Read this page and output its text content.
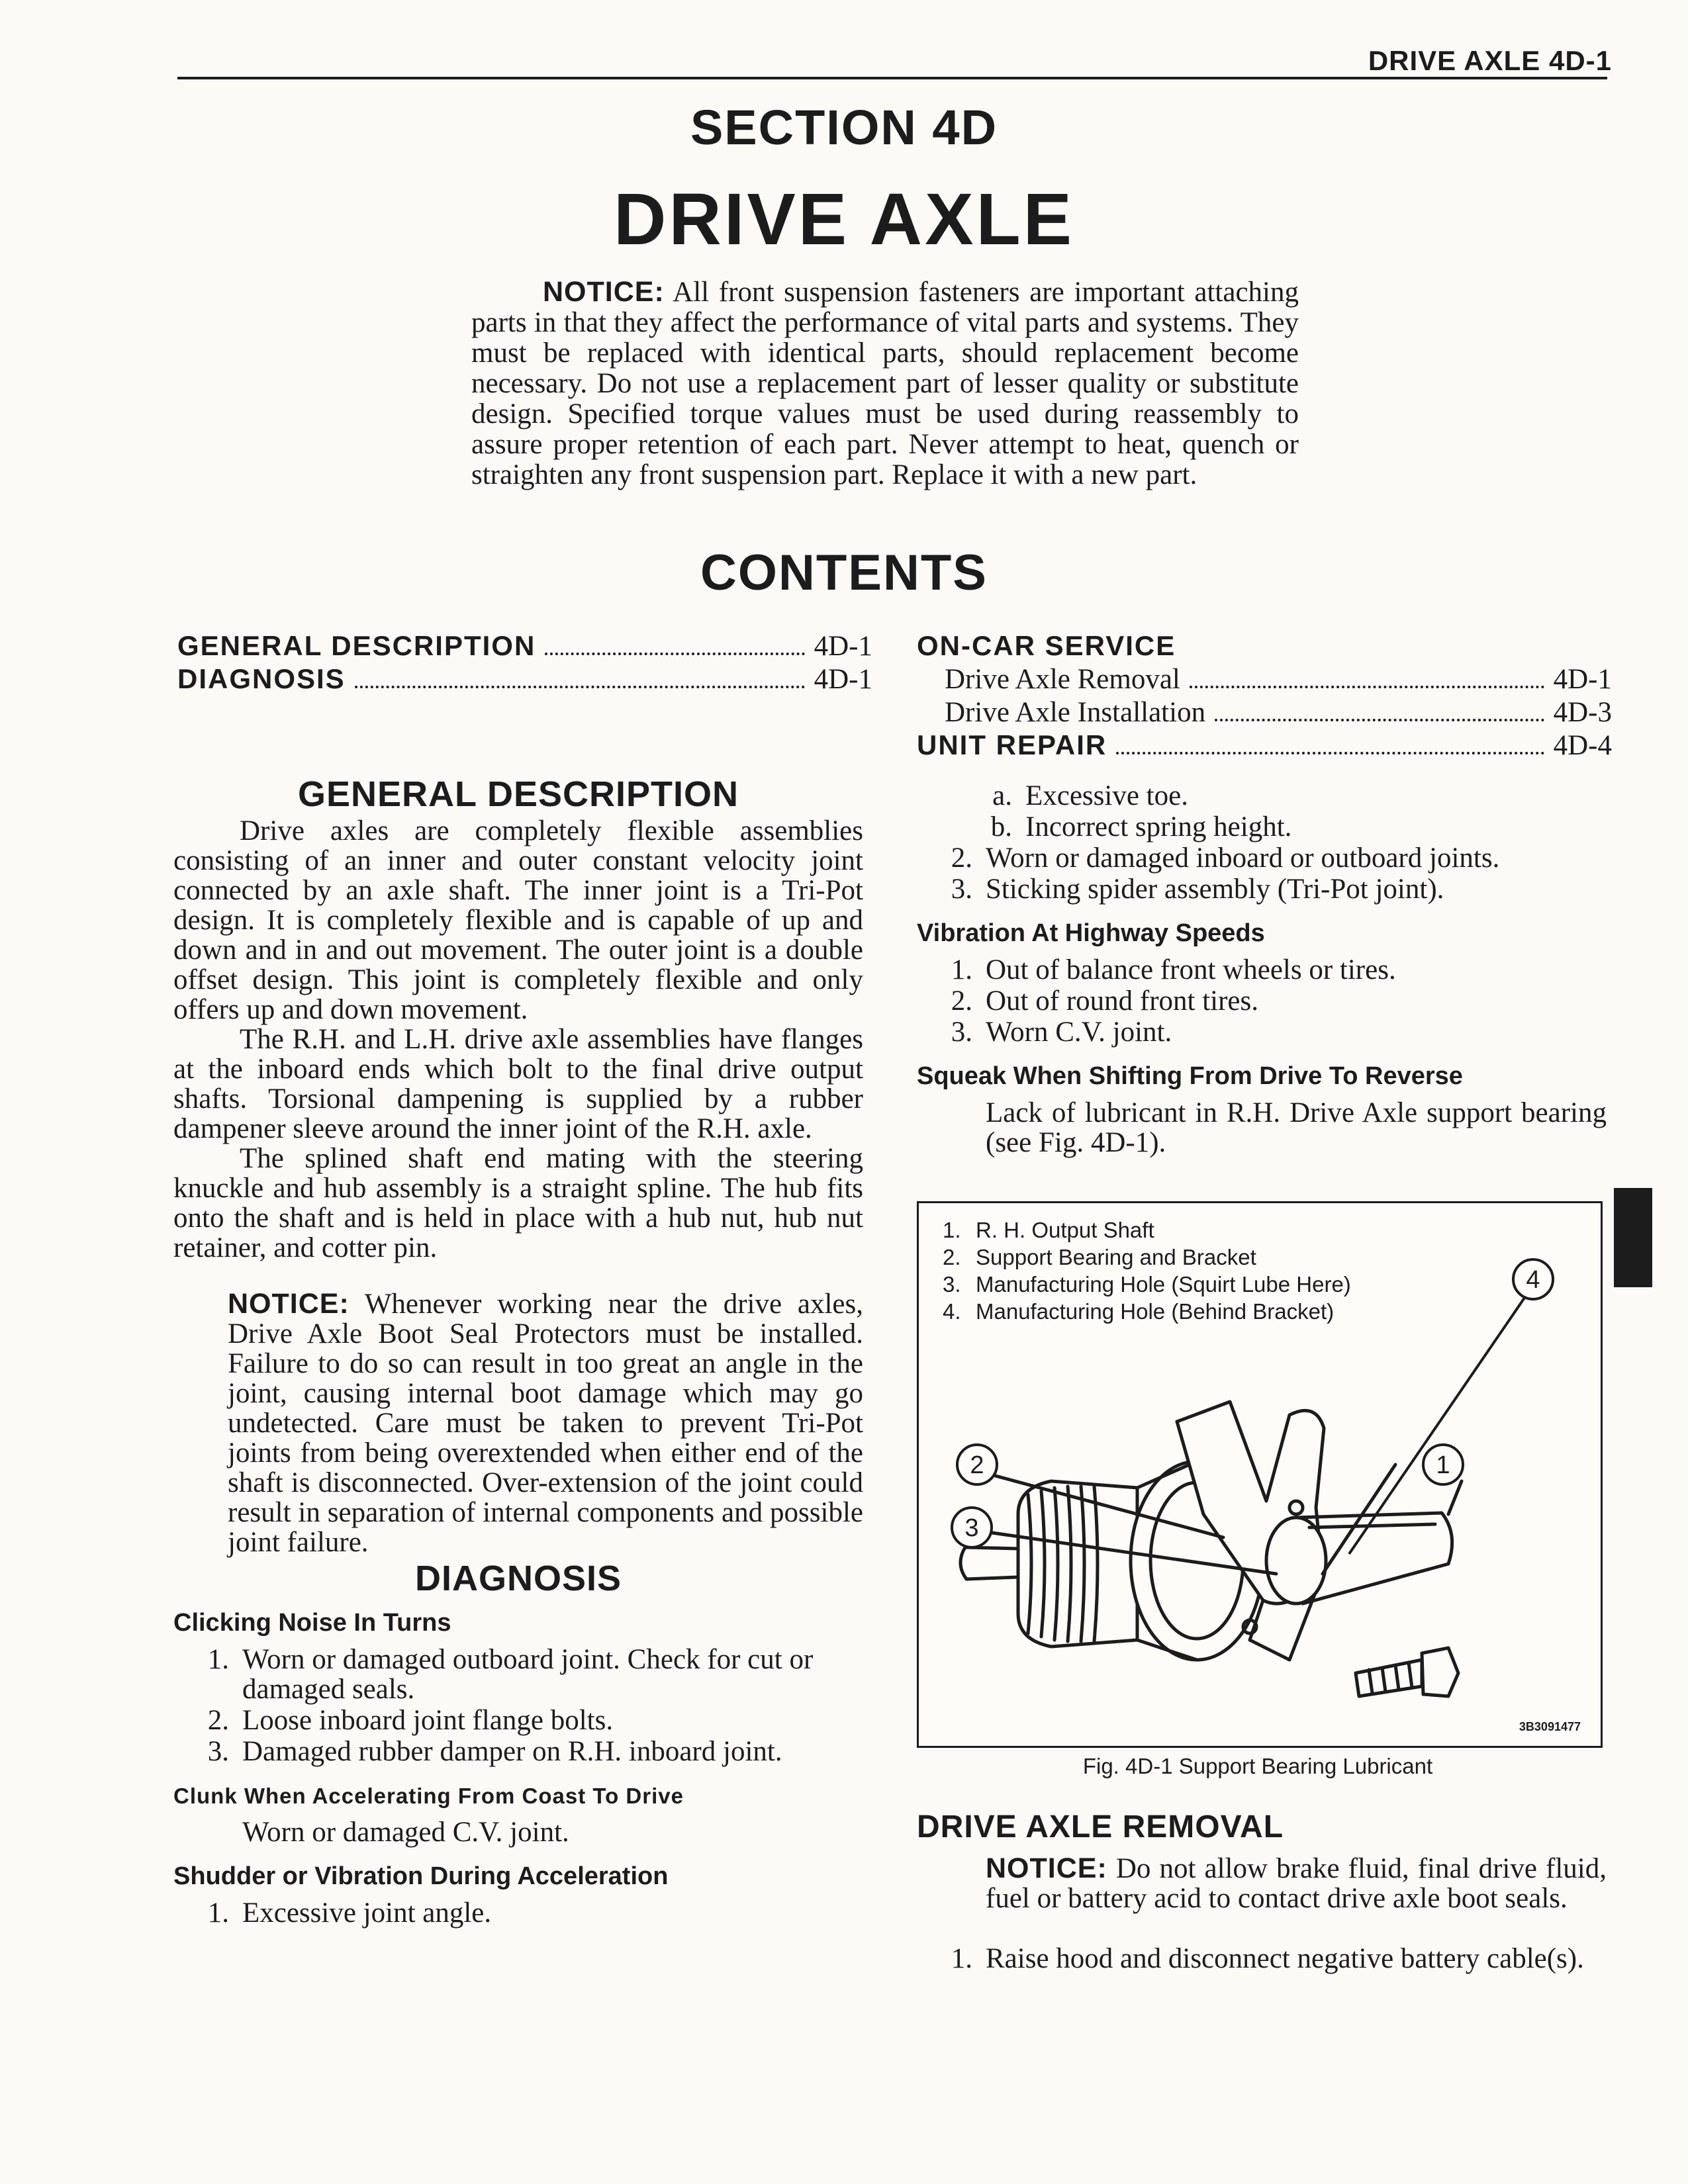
DRIVE AXLE 4D-1
SECTION 4D
DRIVE AXLE
NOTICE: All front suspension fasteners are important attaching parts in that they affect the performance of vital parts and systems. They must be replaced with identical parts, should replacement become necessary. Do not use a replacement part of lesser quality or substitute design. Specified torque values must be used during reassembly to assure proper retention of each part. Never attempt to heat, quench or straighten any front suspension part. Replace it with a new part.
CONTENTS
GENERAL DESCRIPTION	4D-1
DIAGNOSIS	4D-1
ON-CAR SERVICE
Drive Axle Removal	4D-1
Drive Axle Installation	4D-3
UNIT REPAIR	4D-4
GENERAL DESCRIPTION

Drive axles are completely flexible assemblies consisting of an inner and outer constant velocity joint connected by an axle shaft. The inner joint is a Tri-Pot design. It is completely flexible and is capable of up and down and in and out movement. The outer joint is a double offset design. This joint is completely flexible and only offers up and down movement.

The R.H. and L.H. drive axle assemblies have flanges at the inboard ends which bolt to the final drive output shafts. Torsional dampening is supplied by a rubber dampener sleeve around the inner joint of the R.H. axle.

The splined shaft end mating with the steering knuckle and hub assembly is a straight spline. The hub fits onto the shaft and is held in place with a hub nut, hub nut retainer, and cotter pin.

NOTICE: Whenever working near the drive axles, Drive Axle Boot Seal Protectors must be installed. Failure to do so can result in too great an angle in the joint, causing internal boot damage which may go undetected. Care must be taken to prevent Tri-Pot joints from being overextended when either end of the shaft is disconnected. Over-extension of the joint could result in separation of internal components and possible joint failure.
DIAGNOSIS
Clicking Noise In Turns
1. Worn or damaged outboard joint. Check for cut or damaged seals.
2. Loose inboard joint flange bolts.
3. Damaged rubber damper on R.H. inboard joint.
Clunk When Accelerating From Coast To Drive
Worn or damaged C.V. joint.
Shudder or Vibration During Acceleration
1. Excessive joint angle.
a. Excessive toe.
b. Incorrect spring height.
2. Worn or damaged inboard or outboard joints.
3. Sticking spider assembly (Tri-Pot joint).
Vibration At Highway Speeds
1. Out of balance front wheels or tires.
2. Out of round front tires.
3. Worn C.V. joint.
Squeak When Shifting From Drive To Reverse
Lack of lubricant in R.H. Drive Axle support bearing (see Fig. 4D-1).
1. R. H. Output Shaft
2. Support Bearing and Bracket
3. Manufacturing Hole (Squirt Lube Here)
4. Manufacturing Hole (Behind Bracket)
1
2
3
4
3B3091477
Fig. 4D-1 Support Bearing Lubricant
DRIVE AXLE REMOVAL
NOTICE: Do not allow brake fluid, final drive fluid, fuel or battery acid to contact drive axle boot seals.
1. Raise hood and disconnect negative battery cable(s).
